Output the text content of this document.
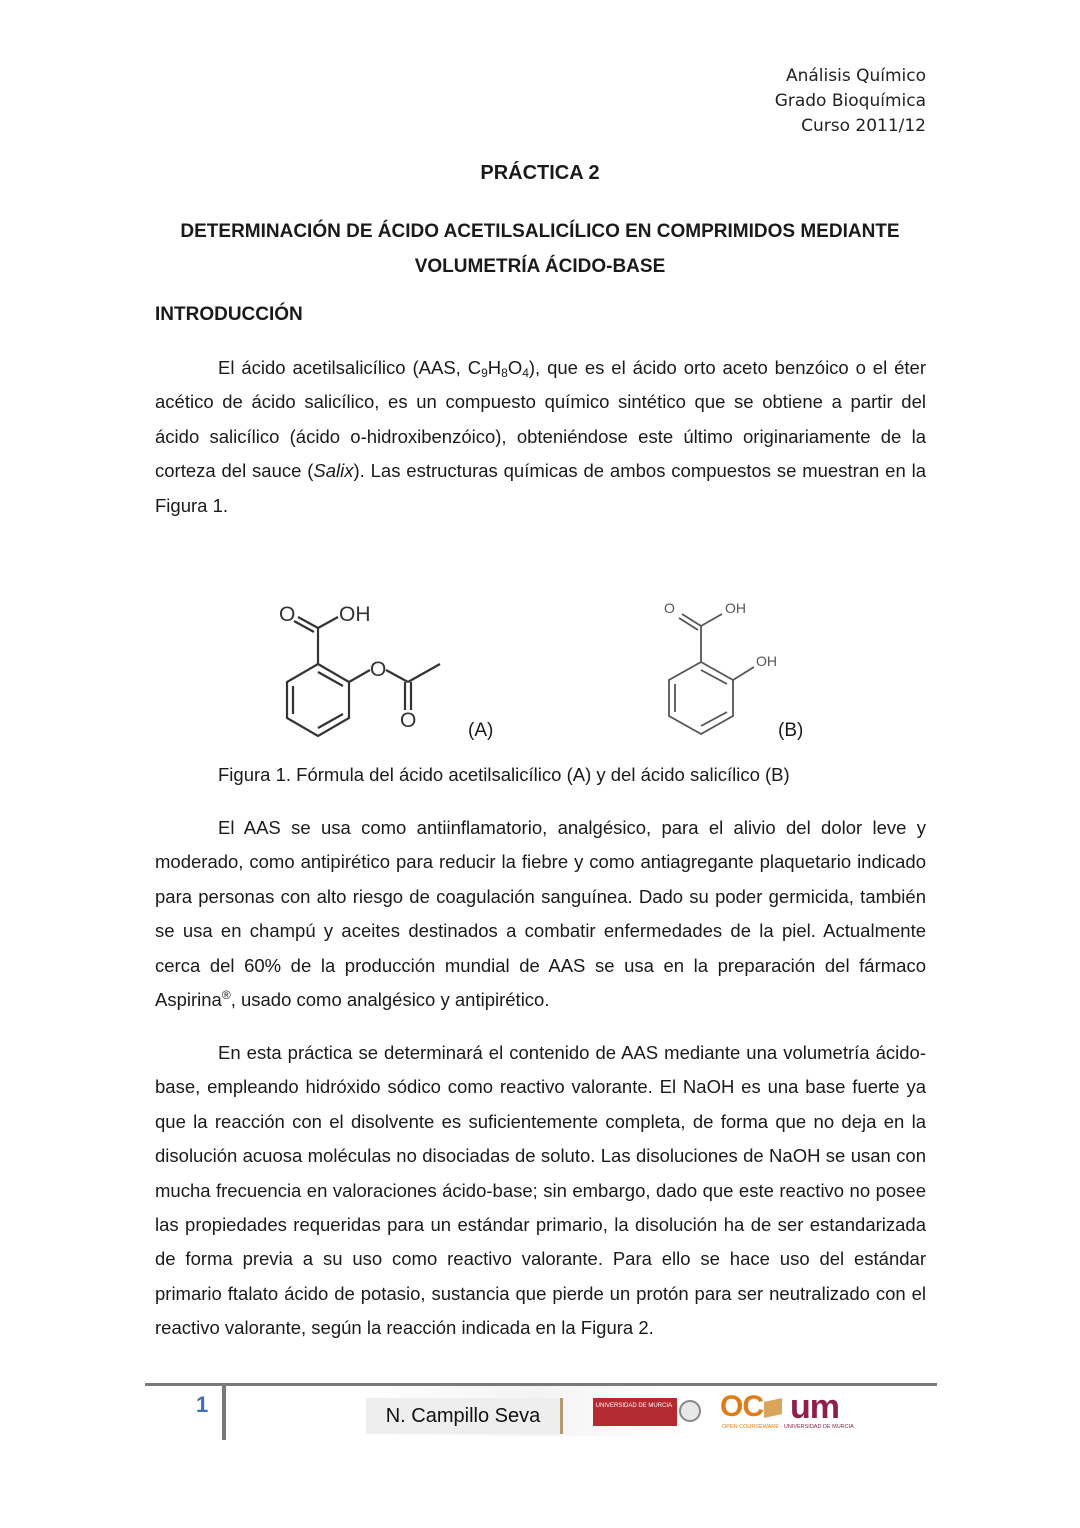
Análisis Químico
Grado Bioquímica
Curso 2011/12
PRÁCTICA 2
DETERMINACIÓN DE ÁCIDO ACETILSALICÍLICO EN COMPRIMIDOS MEDIANTE
VOLUMETRÍA ÁCIDO-BASE
INTRODUCCIÓN

El ácido acetilsalicílico (AAS, $C_9H_8O_4$), que es el ácido orto aceto benzóico o el éter acético de ácido salicílico, es un compuesto químico sintético que se obtiene a partir del ácido salicílico (ácido o-hidroxibenzóico), obteniéndose este último originariamente de la corteza del sauce (Salix). Las estructuras químicas de ambos compuestos se muestran en la Figura 1.

O OH
O
O
O	OH
OH
(A)	(B)
Figura 1. Fórmula del ácido acetilsalicílico (A) y del ácido salicílico (B)

El AAS se usa como antiinflamatorio, analgésico, para el alivio del dolor leve y moderado, como antipirético para reducir la fiebre y como antiagregante plaquetario indicado para personas con alto riesgo de coagulación sanguínea. Dado su poder germicida, también se usa en champú y aceites destinados a combatir enfermedades de la piel. Actualmente cerca del 60% de la producción mundial de AAS se usa en la preparación del fármaco Aspirina®, usado como analgésico y antipirético.

En esta práctica se determinará el contenido de AAS mediante una volumetría ácido-base, empleando hidróxido sódico como reactivo valorante. El NaOH es una base fuerte ya que la reacción con el disolvente es suficientemente completa, de forma que no deja en la disolución acuosa moléculas no disociadas de soluto. Las disoluciones de NaOH se usan con mucha frecuencia en valoraciones ácido-base; sin embargo, dado que este reactivo no posee las propiedades requeridas para un estándar primario, la disolución ha de ser estandarizada de forma previa a su uso como reactivo valorante. Para ello se hace uso del estándar primario ftalato ácido de potasio, sustancia que pierde un protón para ser neutralizado con el reactivo valorante, según la reacción indicada en la Figura 2.

1	N. Campillo Seva	UNIVERSIDAD DE MURCIA OC um
OPEN COURSEWARE · UNIVERSIDAD DE MURCIA
